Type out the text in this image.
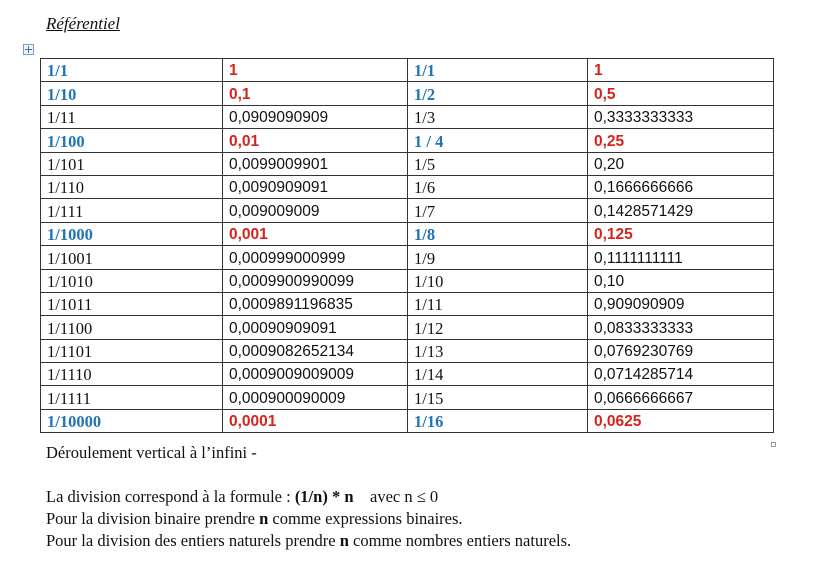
Référentiel
1/1	1	1/1	1
1/10	0,1	1/2	0,5
1/11	0,0909090909	1/3	0,3333333333
1/100	0,01	1 / 4	0,25
1/101	0,0099009901	1/5	0,20
1/110	0,0090909091	1/6	0,1666666666
1/111	0,009009009	1/7	0,1428571429
1/1000	0,001	1/8	0,125
1/1001	0,000999000999	1/9	0,1111111111
1/1010	0,0009900990099	1/10	0,10
1/1011	0,0009891196835	1/11	0,909090909
1/1100	0,00090909091	1/12	0,0833333333
1/1101	0,0009082652134	1/13	0,0769230769
1/1110	0,0009009009009	1/14	0,0714285714
1/1111	0,000900090009	1/15	0,0666666667
1/10000	0,0001	1/16	0,0625

Déroulement vertical à l’infini -

La division correspond à la formule : (1/n) * n    avec n ≤ 0

Pour la division binaire prendre n comme expressions binaires.

Pour la division des entiers naturels prendre n comme nombres entiers naturels.
